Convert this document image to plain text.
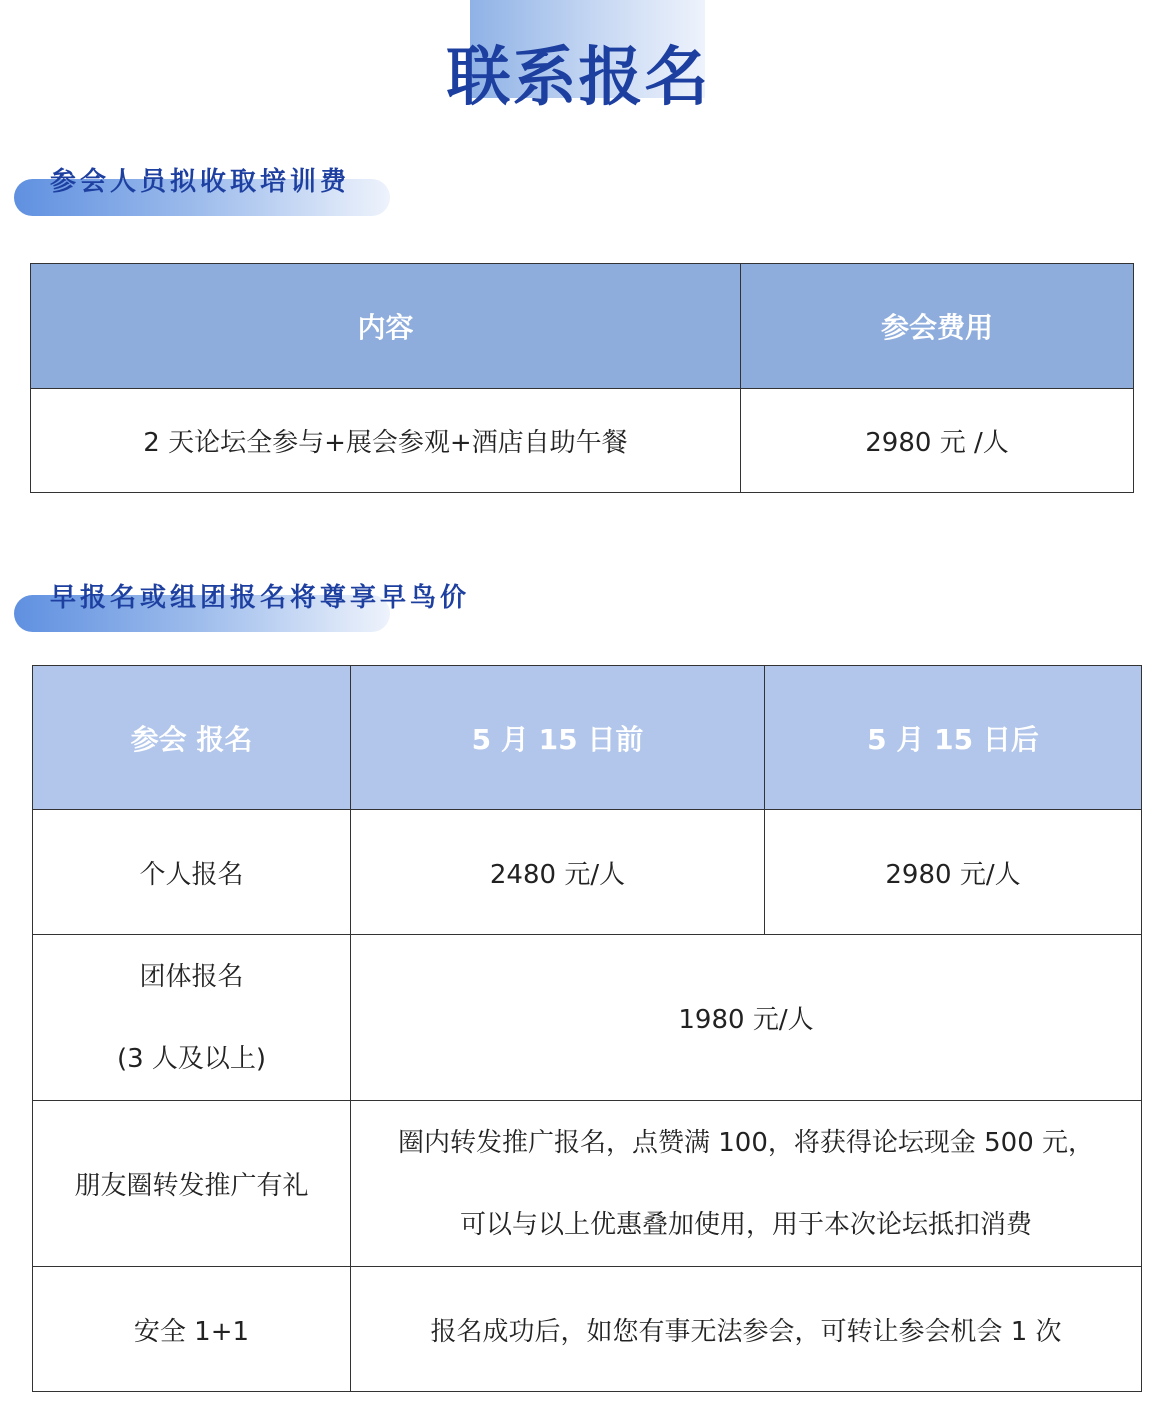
联系报名
参会人员拟收取培训费
内容	参会费用
2 天论坛全参与+展会参观+酒店自助午餐	2980 元 /人
早报名或组团报名将尊享早鸟价
参会 报名	5 月 15 日前	5 月 15 日后
个人报名	2480 元/人	2980 元/人

团体报名
(3 人及以上)	1980 元/人	
朋友圈转发推广有礼	圈内转发推广报名，点赞满 100，将获得论坛现金 500 元，
可以与以上优惠叠加使用，用于本次论坛抵扣消费	

安全 1+1	报名成功后，如您有事无法参会，可转让参会机会 1 次	
